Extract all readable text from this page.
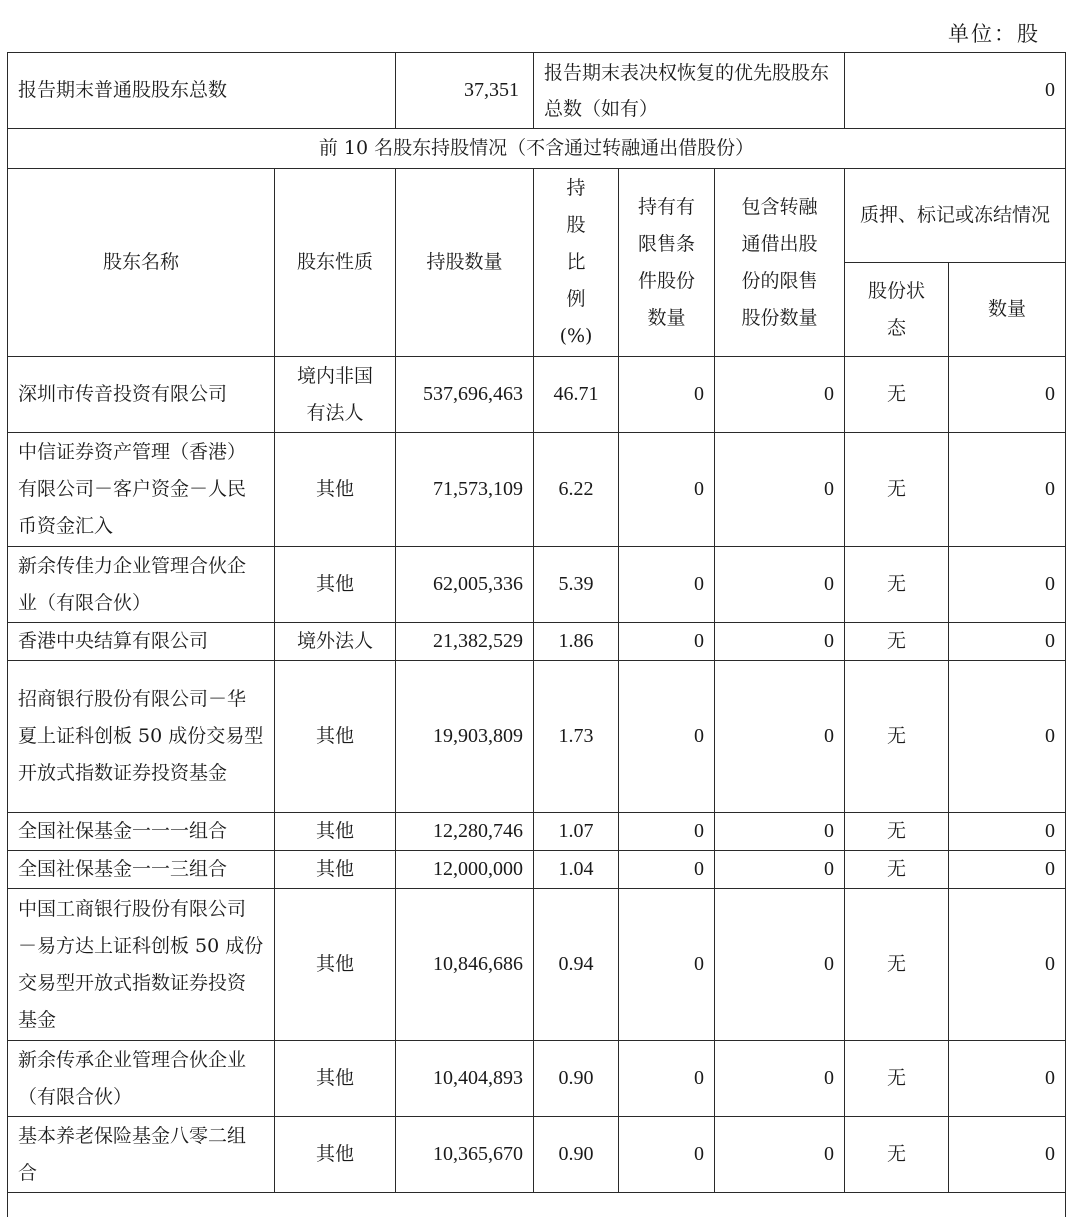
单位：股
报告期末普通股股东总数		37,351	报告期末表决权恢复的优先股股东总数（如有）			0	
前 10 名股东持股情况（不含通过转融通出借股份）							
股东名称	股东性质	持股数量	持股比例(%)	持有有限售条件股份数量	包含转融通借出股份的限售股份数量	质押、标记或冻结情况	
						股份状态	数量
深圳市传音投资有限公司	境内非国有法人	537,696,463	46.71	0	0	无	0
中信证券资产管理（香港）有限公司－客户资金－人民币资金汇入	其他	71,573,109	6.22	0	0	无	0
新余传佳力企业管理合伙企业（有限合伙）	其他	62,005,336	5.39	0	0	无	0
香港中央结算有限公司	境外法人	21,382,529	1.86	0	0	无	0
招商银行股份有限公司－华夏上证科创板 50 成份交易型开放式指数证券投资基金	其他	19,903,809	1.73	0	0	无	0
全国社保基金一一一组合	其他	12,280,746	1.07	0	0	无	0
全国社保基金一一三组合	其他	12,000,000	1.04	0	0	无	0
中国工商银行股份有限公司－易方达上证科创板 50 成份交易型开放式指数证券投资基金	其他	10,846,686	0.94	0	0	无	0
新余传承企业管理合伙企业（有限合伙）	其他	10,404,893	0.90	0	0	无	0
基本养老保险基金八零二组合	其他	10,365,670	0.90	0	0	无	0
